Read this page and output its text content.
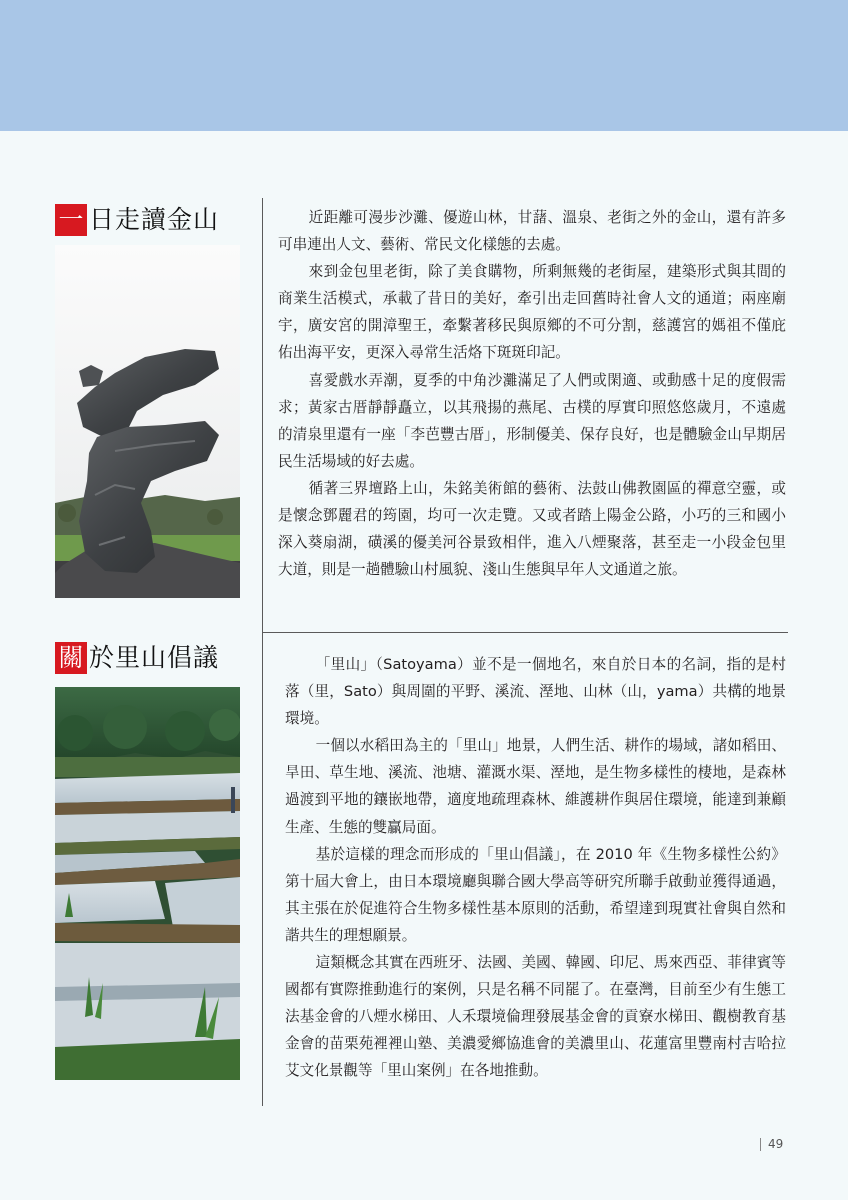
一 日走讀金山	近距離可漫步沙灘、優遊山林，甘藷、溫泉、老街之外的金山，還有許多可串連出人文、藝術、常民文化樣態的去處。

來到金包里老街，除了美食購物，所剩無幾的老街屋，建築形式與其間的商業生活模式，承載了昔日的美好，牽引出走回舊時社會人文的通道；兩座廟宇，廣安宮的開漳聖王，牽繫著移民與原鄉的不可分割，慈護宮的媽祖不僅庇佑出海平安，更深入尋常生活烙下斑斑印記。

喜愛戲水弄潮，夏季的中角沙灘滿足了人們或閑適、或動感十足的度假需求；黃家古厝靜靜矗立，以其飛揚的燕尾、古樸的厚實印照悠悠歲月，不遠處的清泉里還有一座「李芭豐古厝」，形制優美、保存良好，也是體驗金山早期居民生活場域的好去處。

循著三界壇路上山，朱銘美術館的藝術、法鼓山佛教園區的禪意空靈，或是懷念鄧麗君的筠園，均可一次走覽。又或者踏上陽金公路，小巧的三和國小深入葵扇湖，磺溪的優美河谷景致相伴，進入八煙聚落，甚至走一小段金包里大道，則是一趟體驗山村風貌、淺山生態與早年人文通道之旅。

關 於里山倡議	「里山」（Satoyama）並不是一個地名，來自於日本的名詞，指的是村落（里，Sato）與周圍的平野、溪流、溼地、山林（山，yama）共構的地景環境。

一個以水稻田為主的「里山」地景，人們生活、耕作的場域，諸如稻田、旱田、草生地、溪流、池塘、灌溉水渠、溼地，是生物多樣性的棲地，是森林過渡到平地的鑲嵌地帶，適度地疏理森林、維護耕作與居住環境，能達到兼顧生產、生態的雙贏局面。

基於這樣的理念而形成的「里山倡議」，在 2010 年《生物多樣性公約》第十屆大會上，由日本環境廳與聯合國大學高等研究所聯手啟動並獲得通過，其主張在於促進符合生物多樣性基本原則的活動，希望達到現實社會與自然和諧共生的理想願景。

這類概念其實在西班牙、法國、美國、韓國、印尼、馬來西亞、菲律賓等國都有實際推動進行的案例，只是名稱不同罷了。在臺灣，目前至少有生態工法基金會的八煙水梯田、人禾環境倫理發展基金會的貢寮水梯田、觀樹教育基金會的苗栗苑裡裡山塾、美濃愛鄉協進會的美濃里山、花蓮富里豐南村吉哈拉艾文化景觀等「里山案例」在各地推動。

49
